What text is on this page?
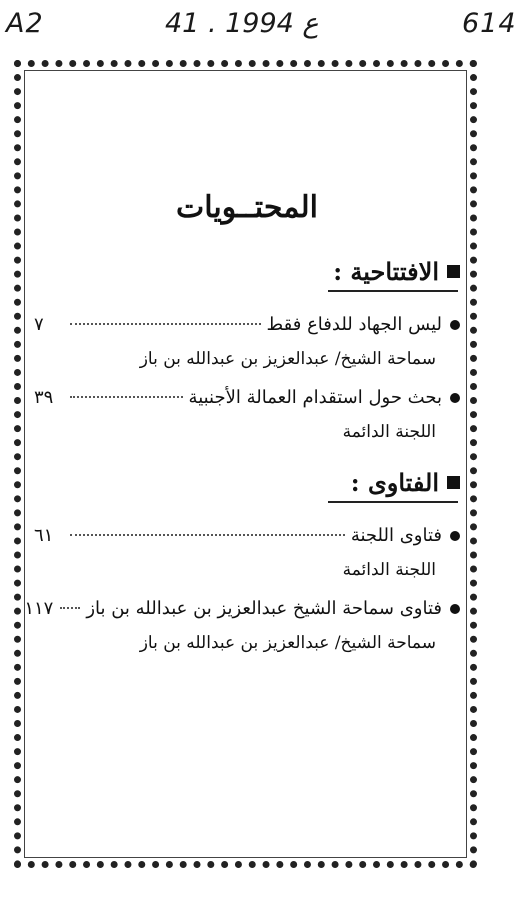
A2	41 . ع 1994	614
المحتــويات
الافتتاحية :
ليس الجهاد للدفاع فقط
٧
سماحة الشيخ/ عبدالعزيز بن عبدالله بن باز
بحث حول استقدام العمالة الأجنبية
٣٩
اللجنة الدائمة
الفتاوى :
فتاوى اللجنة
٦١
اللجنة الدائمة
فتاوى سماحة الشيخ عبدالعزيز بن عبدالله بن باز
١١٧
سماحة الشيخ/ عبدالعزيز بن عبدالله بن باز
